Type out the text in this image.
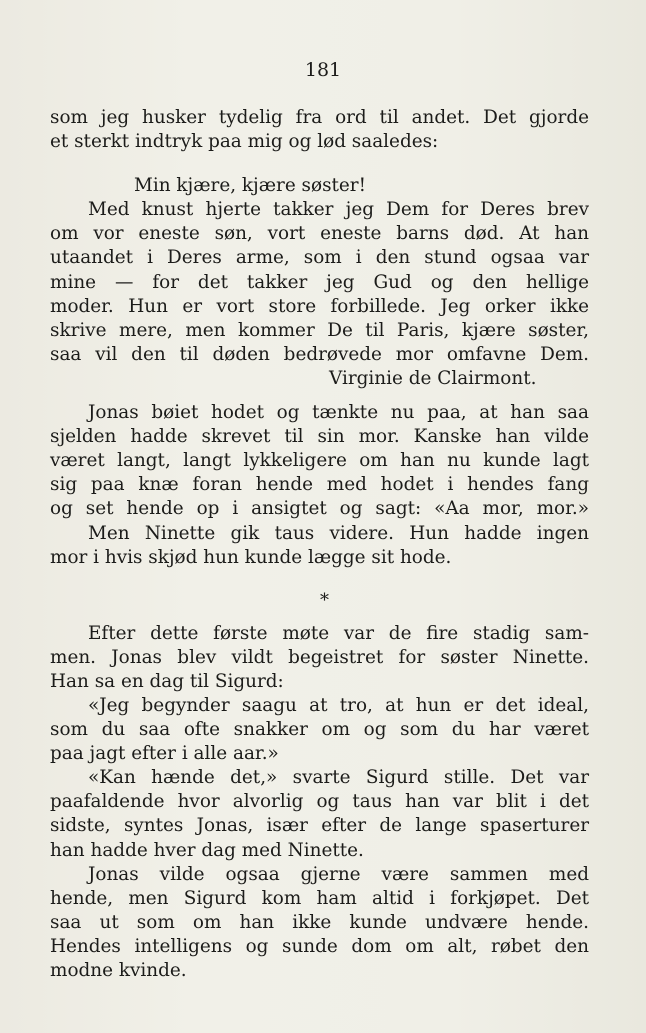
181
som jeg husker tydelig fra ord til andet. Det gjorde
et sterkt indtryk paa mig og lød saaledes:
Min kjære, kjære søster!
Med knust hjerte takker jeg Dem for Deres brev
om vor eneste søn, vort eneste barns død. At han
utaandet i Deres arme, som i den stund ogsaa var
mine — for det takker jeg Gud og den hellige
moder. Hun er vort store forbillede. Jeg orker ikke
skrive mere, men kommer De til Paris, kjære søster,
saa vil den til døden bedrøvede mor omfavne Dem.
Virginie de Clairmont.
Jonas bøiet hodet og tænkte nu paa, at han saa
sjelden hadde skrevet til sin mor. Kanske han vilde
været langt, langt lykkeligere om han nu kunde lagt
sig paa knæ foran hende med hodet i hendes fang
og set hende op i ansigtet og sagt: «Aa mor, mor.»
Men Ninette gik taus videre. Hun hadde ingen
mor i hvis skjød hun kunde lægge sit hode.
*
Efter dette første møte var de fire stadig sam-
men. Jonas blev vildt begeistret for søster Ninette.
Han sa en dag til Sigurd:
«Jeg begynder saagu at tro, at hun er det ideal,
som du saa ofte snakker om og som du har været
paa jagt efter i alle aar.»
«Kan hænde det,» svarte Sigurd stille. Det var
paafaldende hvor alvorlig og taus han var blit i det
sidste, syntes Jonas, især efter de lange spaserturer
han hadde hver dag med Ninette.
Jonas vilde ogsaa gjerne være sammen med
hende, men Sigurd kom ham altid i forkjøpet. Det
saa ut som om han ikke kunde undvære hende.
Hendes intelligens og sunde dom om alt, røbet den
modne kvinde.
